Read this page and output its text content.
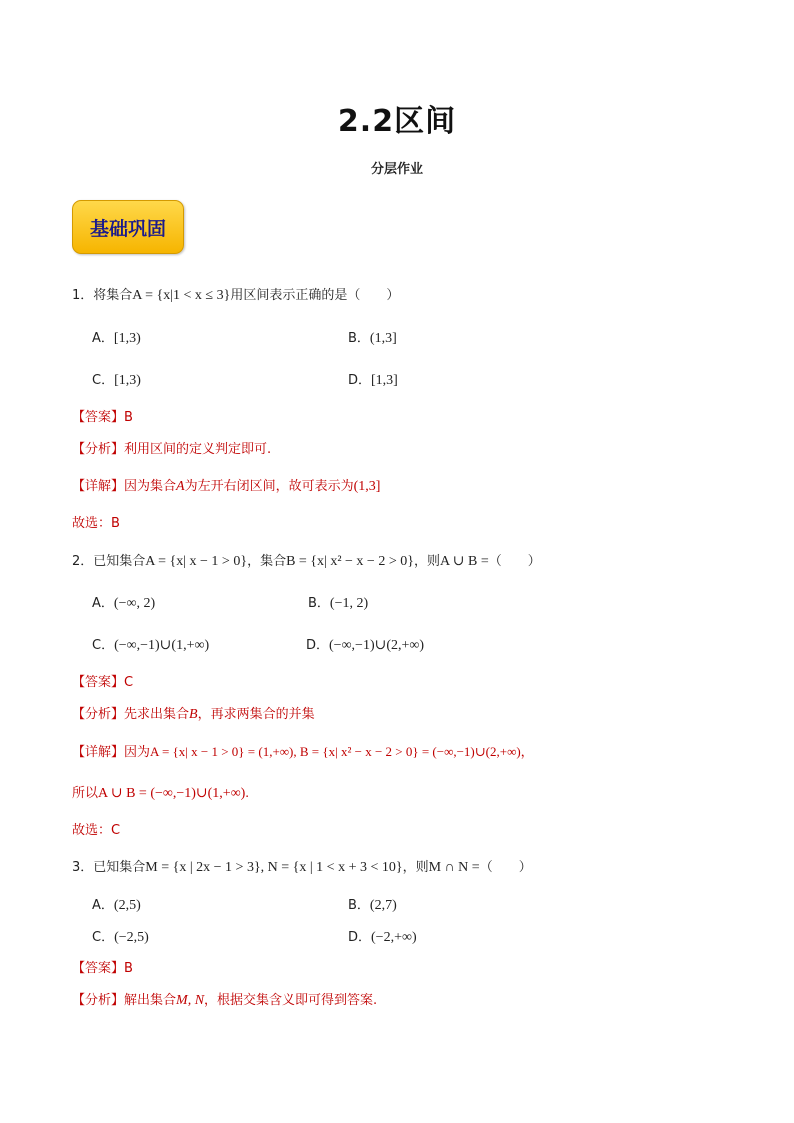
2.2区间
分层作业
基础巩固
1．将集合A = {x|1 < x ≤ 3}用区间表示正确的是（　　）
A．[1,3)	B．(1,3]
C．[1,3)	D．[1,3]
【答案】B
【分析】利用区间的定义判定即可.
【详解】因为集合A为左开右闭区间，故可表示为(1,3]
故选：B
2．已知集合A = {x| x − 1 > 0}，集合B = {x| x² − x − 2 > 0}，则A ∪ B =（　　）
A．(−∞, 2)	B．(−1, 2)
C．(−∞,−1)∪(1,+∞)	D．(−∞,−1)∪(2,+∞)
【答案】C
【分析】先求出集合B，再求两集合的并集
【详解】因为A = {x| x − 1 > 0} = (1,+∞), B = {x| x² − x − 2 > 0} = (−∞,−1)∪(2,+∞)，
所以A ∪ B = (−∞,−1)∪(1,+∞).
故选：C
3．已知集合M = {x | 2x − 1 > 3}, N = {x | 1 < x + 3 < 10}，则M ∩ N =（　　）
A．(2,5)	B．(2,7)
C．(−2,5)	D．(−2,+∞)
【答案】B
【分析】解出集合M, N，根据交集含义即可得到答案.
